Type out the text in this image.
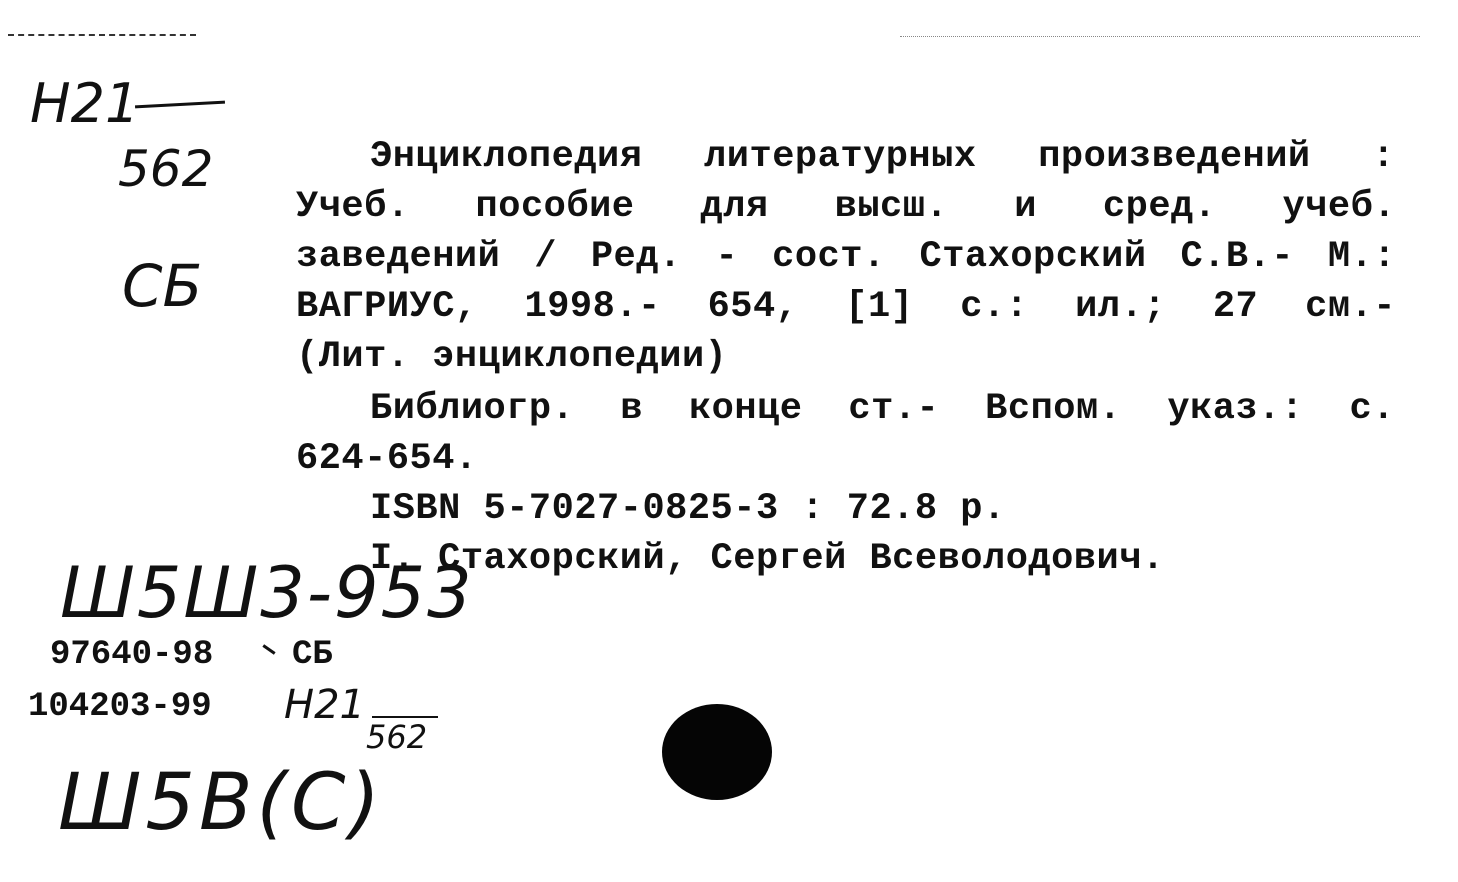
Н21
562
СБ
Энциклопедия литературных произведений :
Учеб. пособие для высш. и сред. учеб.
заведений / Ред. - сост. Стахорский С.В.- М.:
ВАГРИУС, 1998.- 654, [1] с.: ил.; 27 см.-
(Лит. энциклопедии)
Библиогр. в конце ст.- Вспом. указ.: с.
624-654.
ISBN 5-7027-0825-3 : 72.8 р.
I. Стахорский, Сергей Всеволодович.
Ш5Ш3-953
97640-98 СБ
104203-99 Н21
562
Ш5В(С)
